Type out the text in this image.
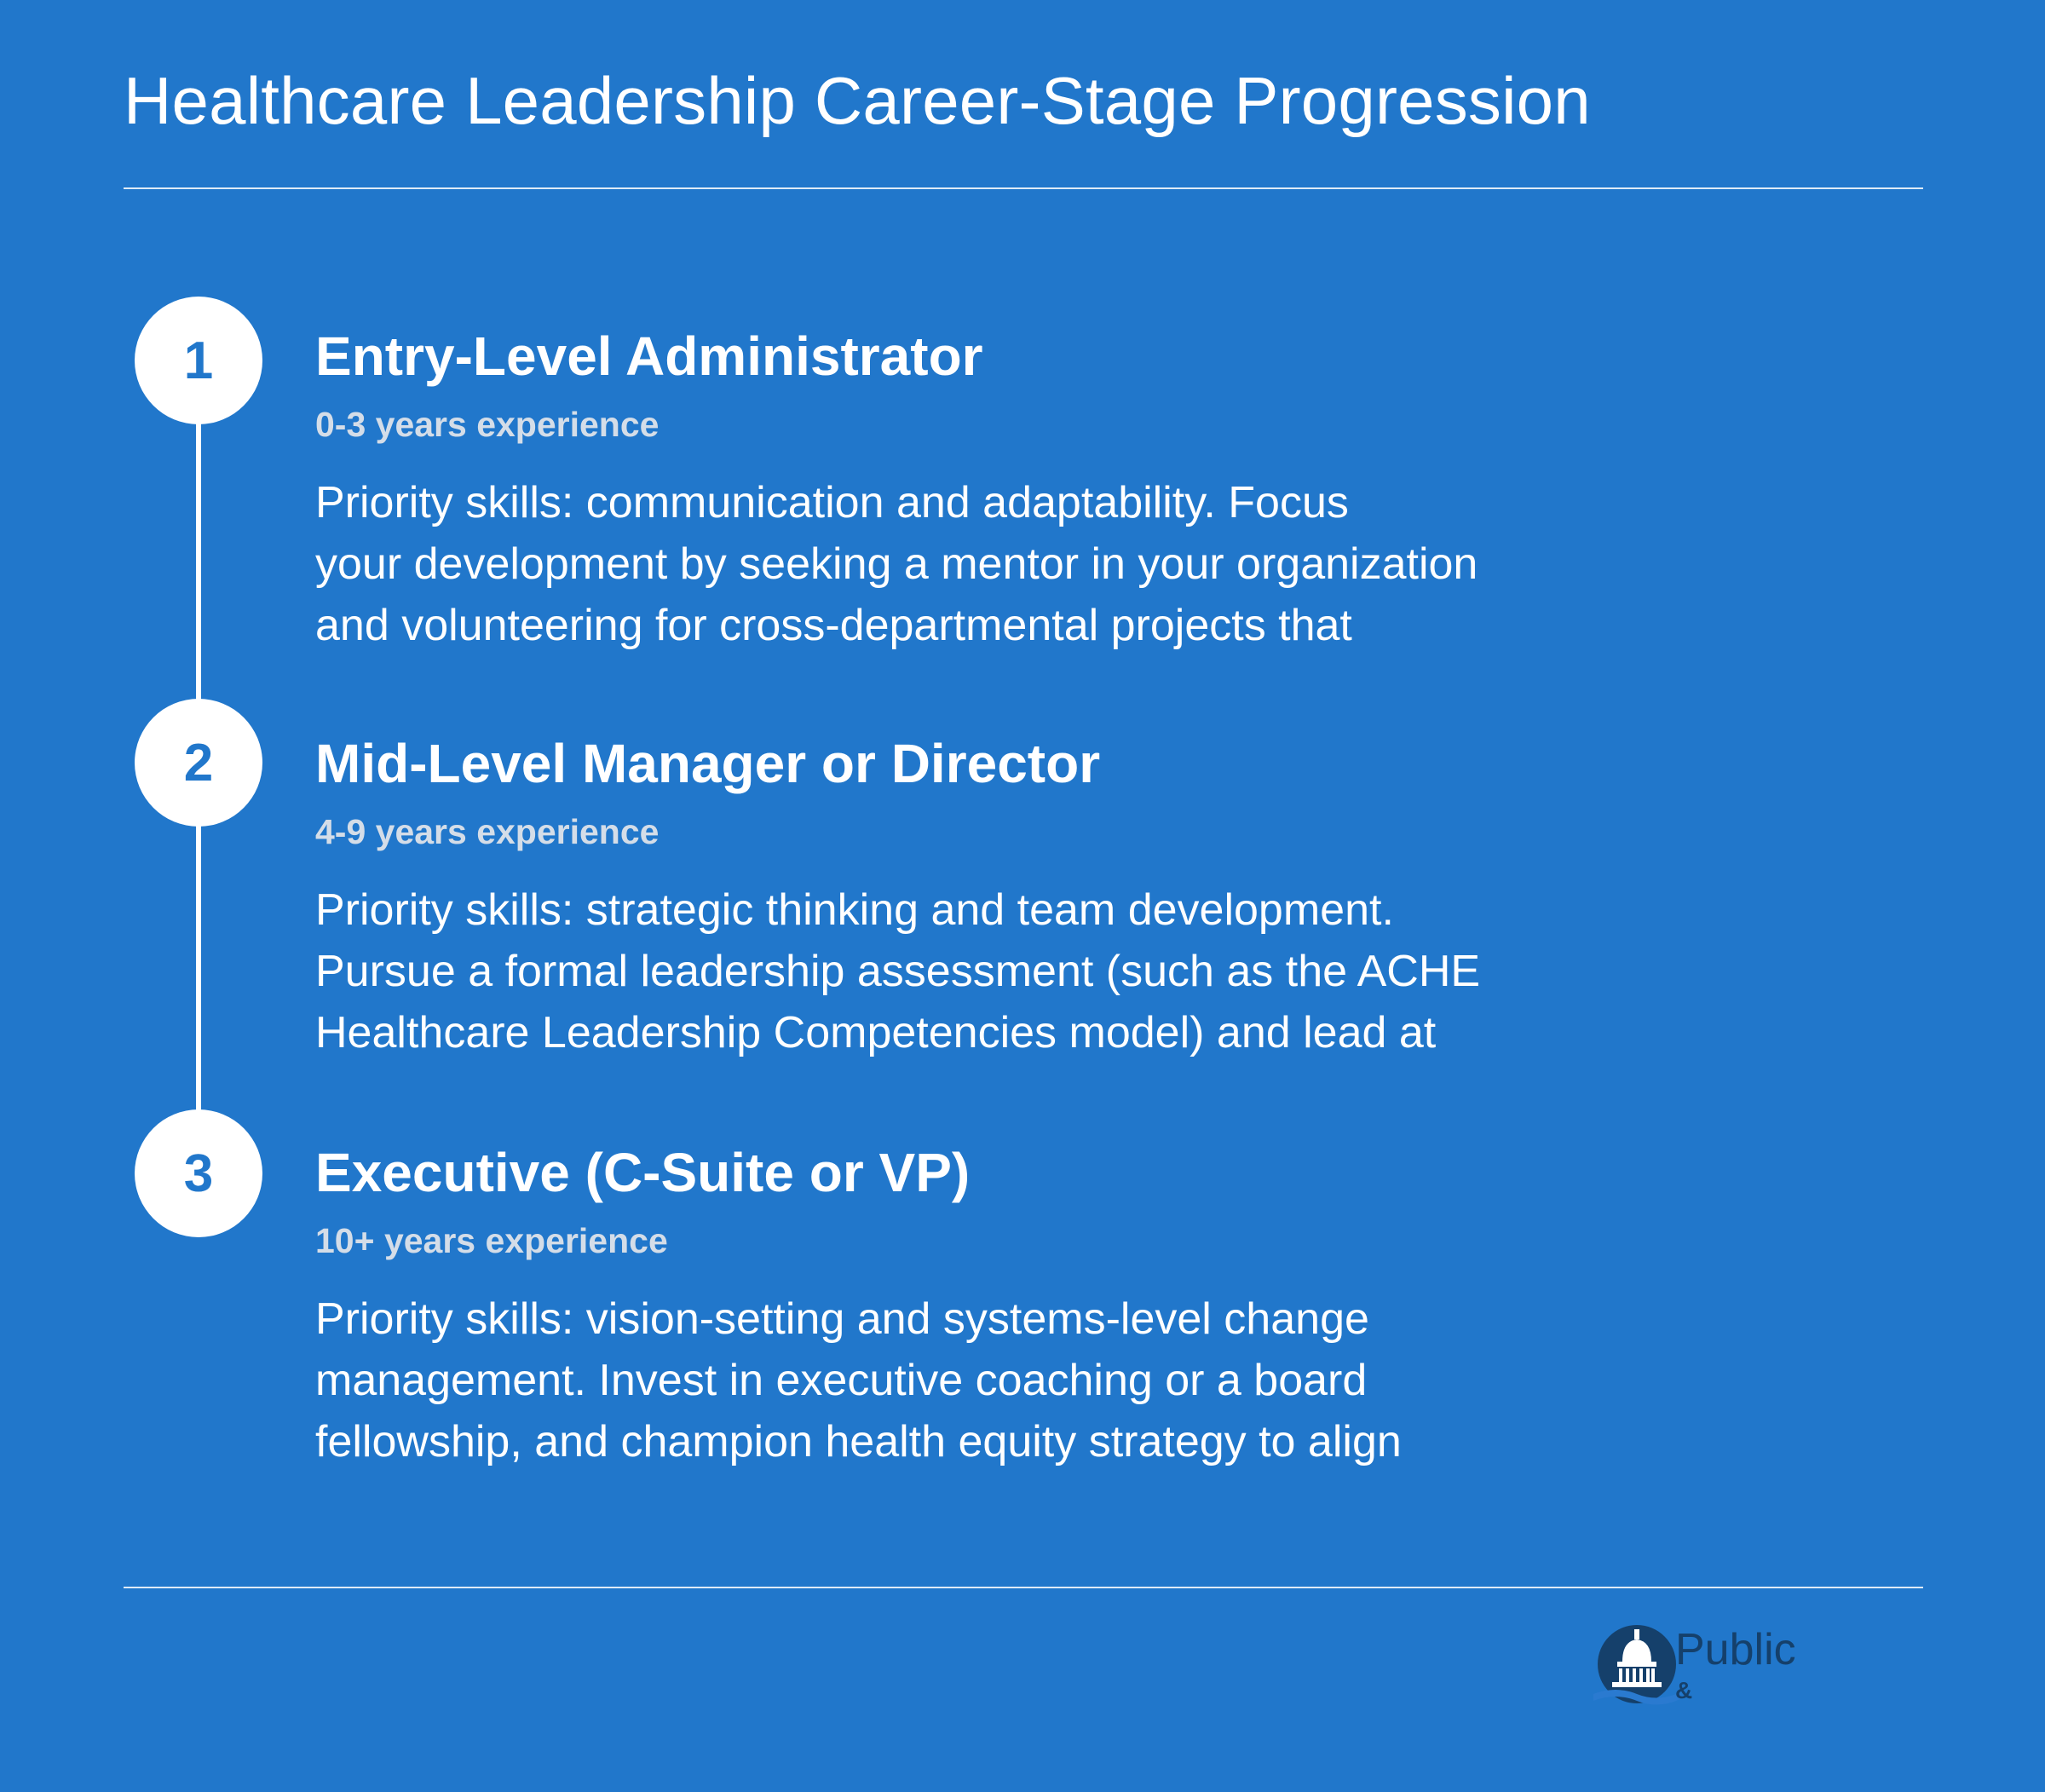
Healthcare Leadership Career-Stage Progression
1 Entry-Level Administrator

0-3 years experience

Priority skills: communication and adaptability. Focus
your development by seeking a mentor in your organization
and volunteering for cross-departmental projects that

2 Mid-Level Manager or Director

4-9 years experience

Priority skills: strategic thinking and team development.
Pursue a formal leadership assessment (such as the ACHE
Healthcare Leadership Competencies model) and lead at

3 Executive (C-Suite or VP)

10+ years experience

Priority skills: vision-setting and systems-level change
management. Invest in executive coaching or a board
fellowship, and champion health equity strategy to align

Public
&
